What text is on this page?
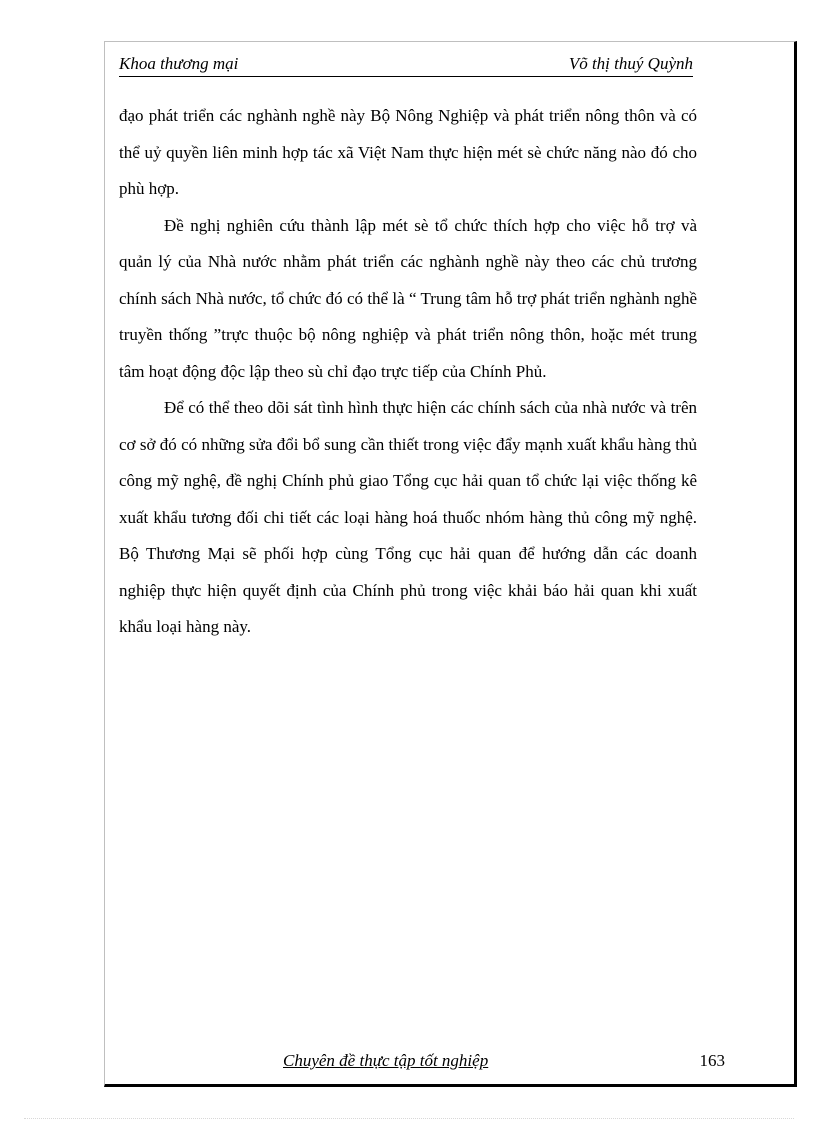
Khoa thương mại	Võ thị thuý Quỳnh

đạo phát triển các nghành nghề này Bộ Nông Nghiệp và phát triển nông thôn và có thể uỷ quyền liên minh hợp tác xã Việt Nam thực hiện mét sè chức năng nào đó cho phù hợp.

Đề nghị nghiên cứu thành lập mét sè tổ chức thích hợp cho việc hỗ trợ và quản lý của Nhà nước nhằm phát triển các nghành nghề này theo các chủ trương chính sách Nhà nước, tổ chức đó có thể là “ Trung tâm hỗ trợ phát triển nghành nghề truyền thống ”trực thuộc bộ nông nghiệp và phát triển nông thôn, hoặc mét trung tâm hoạt động độc lập theo sù chỉ đạo trực tiếp của Chính Phủ.

Để có thể theo dõi sát tình hình thực hiện các chính sách của nhà nước và trên cơ sở đó có những sửa đổi bổ sung cần thiết trong việc đẩy mạnh xuất khẩu hàng thủ công mỹ nghệ, đề nghị Chính phủ giao Tổng cục hải quan tổ chức lại việc thống kê xuất khẩu tương đối chi tiết các loại hàng hoá thuốc nhóm hàng thủ công mỹ nghệ. Bộ Thương Mại sẽ phối hợp cùng Tổng cục hải quan để hướng dẫn các doanh nghiệp thực hiện quyết định của Chính phủ trong việc khải báo hải quan khi xuất khẩu loại hàng này.

Chuyên đề thực tập tốt nghiệp	163
